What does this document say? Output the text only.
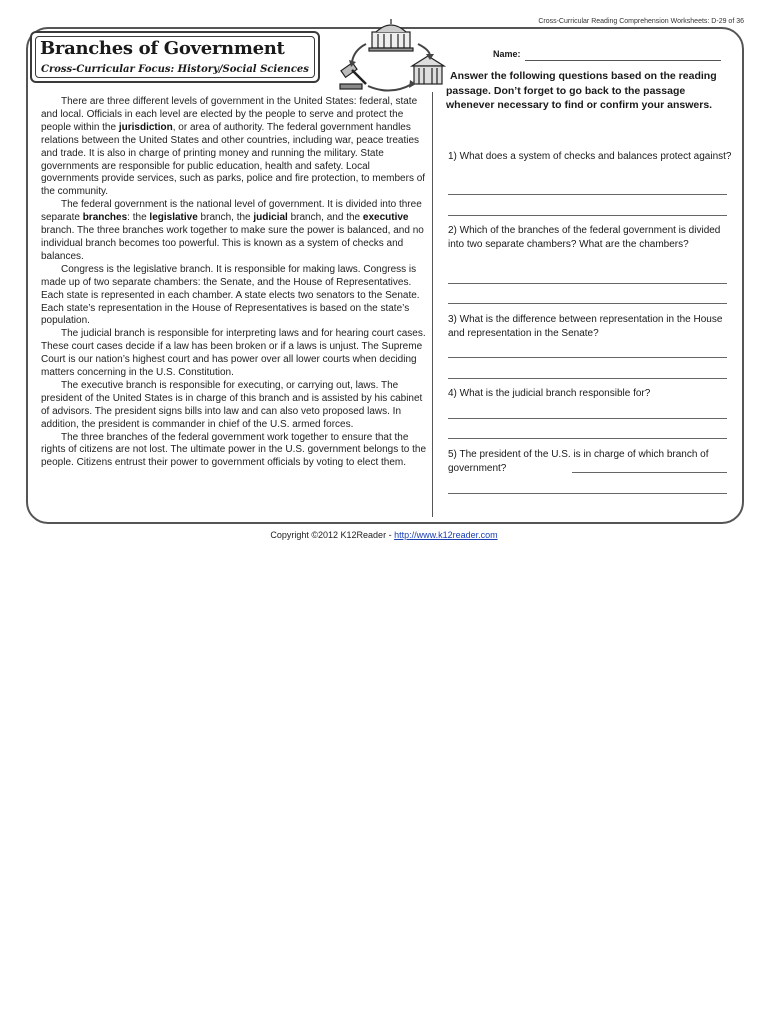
Cross-Curricular Reading Comprehension Worksheets: D-29 of 36
Branches of Government
Cross-Curricular Focus: History/Social Sciences
Name:

There are three different levels of government in the United States: federal, state and local. Officials in each level are elected by the people to serve and protect the people within the jurisdiction, or area of authority. The federal government handles relations between the United States and other countries, including war, peace treaties and trade. It is also in charge of printing money and running the military. State governments are responsible for public education, health and safety. Local governments provide services, such as parks, police and fire protection, to members of the community.

The federal government is the national level of government. It is divided into three separate branches: the legislative branch, the judicial branch, and the executive branch. The three branches work together to make sure the power is balanced, and no individual branch becomes too powerful. This is known as a system of checks and balances.

Congress is the legislative branch. It is responsible for making laws. Congress is made up of two separate chambers: the Senate, and the House of Representatives. Each state is represented in each chamber. A state elects two senators to the Senate. Each state’s representation in the House of Representatives is based on the state’s population.

The judicial branch is responsible for interpreting laws and for hearing court cases. These court cases decide if a law has been broken or if a laws is unjust. The Supreme Court is our nation’s highest court and has power over all lower courts when deciding matters concerning in the U.S. Constitution.

The executive branch is responsible for executing, or carrying out, laws. The president of the United States is in charge of this branch and is assisted by his cabinet of advisors. The president signs bills into law and can also veto proposed laws. In addition, the president is commander in chief of the U.S. armed forces.

The three branches of the federal government work together to ensure that the rights of citizens are not lost. The ultimate power in the U.S. government belongs to the people. Citizens entrust their power to government officials by voting to elect them.

Answer the following questions based on the reading passage. Don’t forget to go back to the passage whenever necessary to find or confirm your answers.
1) What does a system of checks and balances protect against?
2) Which of the branches of the federal government is divided into two separate chambers? What are the chambers?
3) What is the difference between representation in the House and representation in the Senate?
4) What is the judicial branch responsible for?
5) The president of the U.S. is in charge of which branch of government?
Copyright ©2012 K12Reader - http://www.k12reader.com
